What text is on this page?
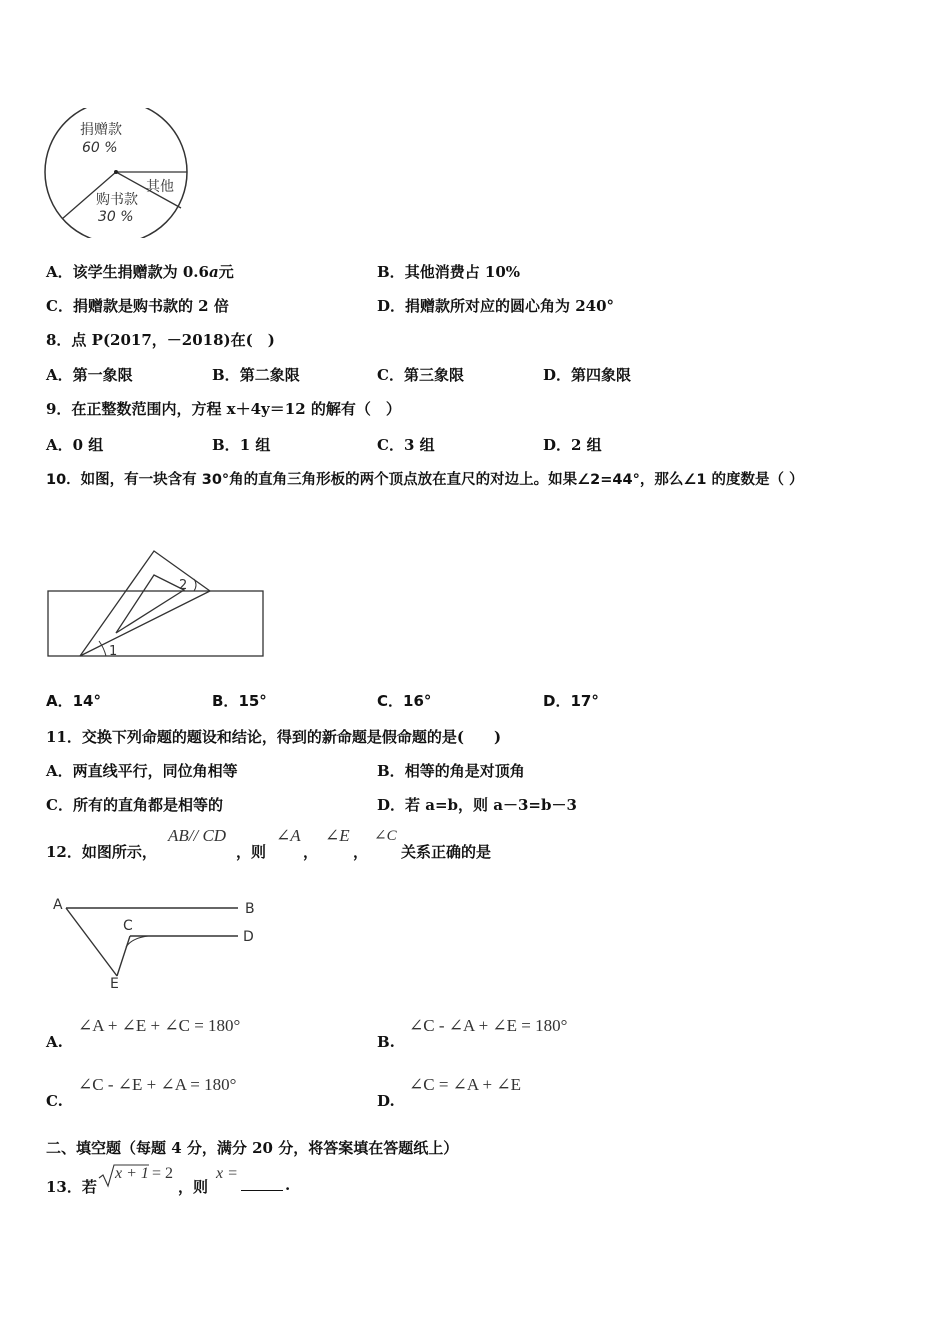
捐赠款
60 %
其他
购书款
30 %
A．该学生捐赠款为 0.6a元	B．其他消费占 10%
C．捐赠款是购书款的 2 倍	D．捐赠款所对应的圆心角为 240°
8．点 P(2017，－2018)在(　)
A．第一象限	B．第二象限	C．第三象限	D．第四象限
9．在正整数范围内，方程 x＋4y＝12 的解有（　）
A．0 组	B．1 组	C．3 组	D．2 组
10．如图，有一块含有 30°角的直角三角形板的两个顶点放在直尺的对边上。如果∠2=44°，那么∠1 的度数是（ ）
1
2
A．14°	B．15°	C．16°	D．17°
11．交换下列命题的题设和结论，得到的新命题是假命题的是(　　)
A．两直线平行，同位角相等	B．相等的角是对顶角
C．所有的直角都是相等的	D．若 a=b，则 a－3=b－3
12．如图所示，
AB// CD
，则
∠A
，
∠E
，
∠C
关系正确的是
A	B
C
D
E
A.
∠A + ∠E + ∠C = 180°
B.
∠C - ∠A + ∠E = 180°
C.
∠C - ∠E + ∠A = 180°
D.
∠C = ∠A + ∠E
二、填空题（每题 4 分，满分 20 分，将答案填在答题纸上）
13．若
x + 1 = 2
，则
x =
.
